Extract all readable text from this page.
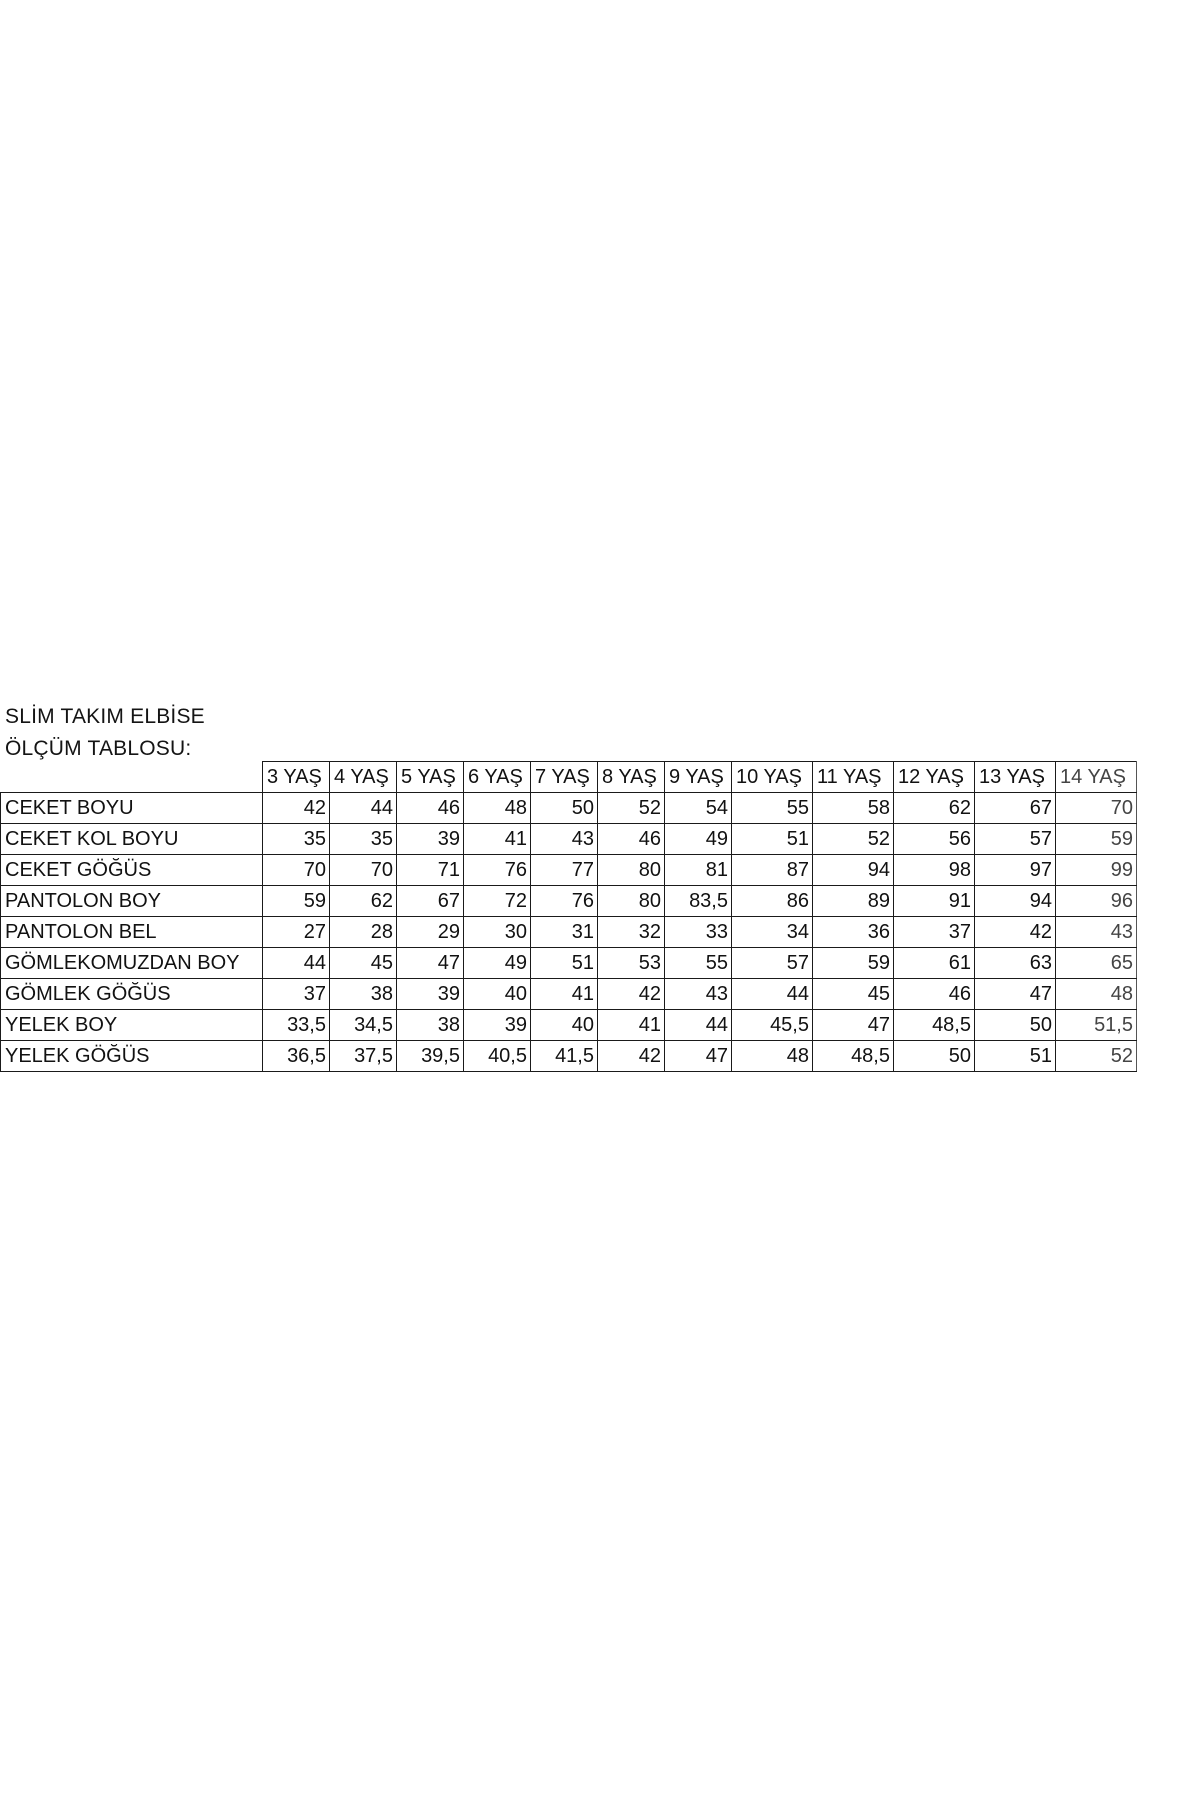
SLİM TAKIM ELBİSE
ÖLÇÜM TABLOSU:
	3 YAŞ	4 YAŞ	5 YAŞ	6 YAŞ	7 YAŞ	8 YAŞ	9 YAŞ	10 YAŞ	11 YAŞ	12 YAŞ	13 YAŞ	14 YAŞ
CEKET BOYU	42	44	46	48	50	52	54	55	58	62	67	70
CEKET KOL BOYU	35	35	39	41	43	46	49	51	52	56	57	59
CEKET GÖĞÜS	70	70	71	76	77	80	81	87	94	98	97	99
PANTOLON BOY	59	62	67	72	76	80	83,5	86	89	91	94	96
PANTOLON BEL	27	28	29	30	31	32	33	34	36	37	42	43
GÖMLEKOMUZDAN BOY	44	45	47	49	51	53	55	57	59	61	63	65
GÖMLEK GÖĞÜS	37	38	39	40	41	42	43	44	45	46	47	48
YELEK BOY	33,5	34,5	38	39	40	41	44	45,5	47	48,5	50	51,5
YELEK GÖĞÜS	36,5	37,5	39,5	40,5	41,5	42	47	48	48,5	50	51	52
